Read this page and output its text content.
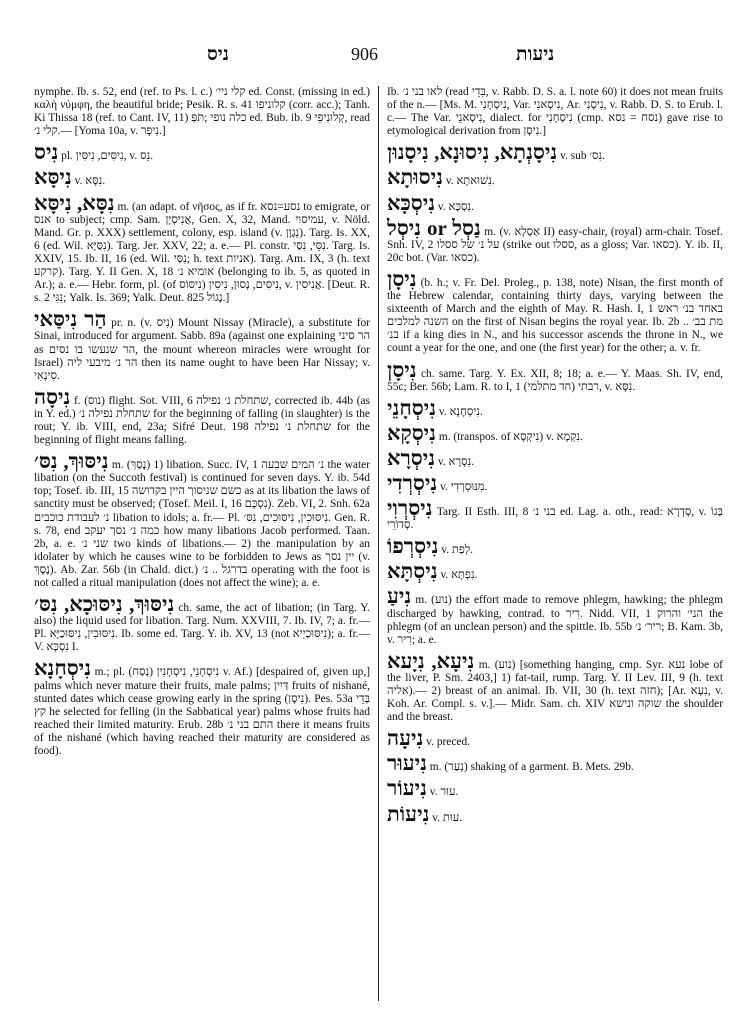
ניס	906	ניעות
nymphe. Ib. s. 52, end (ref. to Ps. l. c.) קלי ניי׳ ed. Const. (missing in ed.) καλὴ νύμφη, the beautiful bride; Pesik. R. s. 41 קלוניפו (corr. acc.); Tanh. Ki Thissa 18 (ref. to Cant. IV, 11) כלה נופי ;תֹּפְּ ed. Bub. ib. 9 קְלוּנִיפֵּי, read קלי נ׳.— [Yoma 10a, v. נִיפָר.]
נִיס pl. נִיסִּים, נִיסִּין, v. נֵס.
נִיסָּא v. נִסָּא.
נִסָּא, נִיסָּא m. (an adapt. of νῆσος, as if fr. נסע=נסא to emigrate, or אנס to subject; cmp. Sam. אֲנִיסְיָן, Gen. X, 32, Mand. עמיסוי, v. Nöld. Mand. Gr. p. XXX) settlement, colony, esp. island (v. נְגָוָן). Targ. Is. XX, 6 (ed. Wil. נִסַּיָּא). Targ. Jer. XXV, 22; a. e.— Pl. constr. נִסֵּי, נִסַּי. Targ. Is. XXIV, 15. Ib. II, 16 (ed. Wil. נִסַּי; h. text אניות). Targ. Am. IX, 3 (h. text קרקע). Targ. Y. II Gen. X, 18 אומיא נ׳ (belonging to ib. 5, as quoted in Ar.); a. e.— Hebr. form, pl. (of נִיסּוֹס) נִיסִּים, נְסוּן, נִיסִין, v. אֲנִיסִין. [Deut. R. s. 2 נִגִּי; Yalk. Is. 369; Yalk. Deut. 825 נָגוֹל.]
הַר נִיסַּאי pr. n. (v. נִיס) Mount Nissay (Miracle), a substitute for Sinai, introduced for argument. Sabb. 89a (against one explaining הר סיני as הר שנעשו בו נסים, the mount whereon miracles were wrought for Israel) הר נ׳ מיבעי ליה then its name ought to have been Har Nissay; v. סִינָאִי.
נִיסָה f. (נוס) flight. Sot. VIII, 6 שתחלת נ׳ נפילה, corrected ib. 44b (as in Y. ed.) שתחלת נפילה נ׳ for the beginning of falling (in slaughter) is the rout; Y. ib. VIII, end, 23a; Sifré Deut. 198 שתחלת נ׳ נפילה for the beginning of flight means falling.
נִיסּוּךְ, נִסּ׳ m. (נָסַךְ) 1) libation. Succ. IV, 1 נ׳ המים שבעה the water libation (on the Succoth festival) is continued for seven days. Y. ib. 54d top; Tosef. ib. III, 15 כשם שניסוך היין בקדושה as at its libation the laws of sanctity must be observed; (Tosef. Meil. I, 16 נִסְכָּם). Zeb. VI, 2. Snh. 62a נ׳ לעבודת כוכבים libation to idols; a. fr.— Pl. נִיסּוּכִין, נִיסּוּכִים, נִסּ׳. Gen. R. s. 78, end כמה נ׳ נסך יעקב how many libations Jacob performed. Taan. 2b, a. e. שני נ׳ two kinds of libations.— 2) the manipulation by an idolater by which he causes wine to be forbidden to Jews as יין נסך (v. נֶסֶךְ). Ab. Zar. 56b (in Chald. dict.) בדרגל .. נ׳ operating with the foot is not called a ritual manipulation (does not affect the wine); a. e.
נִיסּוּךְ, נִיסּוּכָא, נִסּ׳ ch. same, the act of libation; (in Targ. Y. also) the liquid used for libation. Targ. Num. XXVIII, 7. Ib. IV, 7; a. fr.— Pl. נִיסּוּכִין, נִיסּוּכַיָּא. Ib. some ed. Targ. Y. ib. XV, 13 (not נִיסּוּכַיְיא); a. fr.— V. נִסְכָּא I.
נִיסְחָנָא m.; pl. נִיסְחָנֵי, נִיסְחָנִין (נְסַח) v. Af.) [despaired of, given up,] palms which never mature their fruits, male palms; דַּיִין fruits of nishané, stunted dates which cease growing early in the spring (נִיסָן). Pes. 53a בְּדֵי קץ he selected for felling (in the Sabbatical year) palms whose fruits had reached their limited maturity. Erub. 28b התם בני נ׳ there it means fruits of the nishané (which having reached their maturity are considered as food).
Ib. לאו בני נ׳ (read בִּדֵי, v. Rabb. D. S. a. l. note 60) it does not mean fruits of the n.— [Ms. M. נִיסְחָנִי, Var. נִיסְאנִי, Ar. נִיסָנִי, v. Rabb. D. S. to Erub. l. c.— The Var. נִיסְאנֵי, dialect. for נִיסְחָנִי (cmp. נסח = נסא) gave rise to etymological derivation from נִיסָן.]
נִיסָנְתָא, נִיסוּנָא, נִיסָנוּן v. sub נִס׳.
נִיסוּתָא v. נִשׁוּאתָא.
נִיסְכָּא v. נִסְכָּא.
נִיסְל or נַסְל m. (v. אַסְלָא II) easy-chair, (royal) arm-chair. Tosef. Snh. IV, 2 על נ׳ של ססלו (strike out ססלו, as a gloss; Var. כסאו). Y. ib. II, 20c bot. (Var. כסאו).
נִיסָן (b. h.; v. Fr. Del. Proleg., p. 138, note) Nisan, the first month of the Hebrew calendar, containing thirty days, varying between the sixteenth of March and the eighth of May. R. Hash. I, 1 באחד בנ׳ ראש השנה למלכים on the first of Nisan begins the royal year. Ib. 2b מת בב׳ .. בנ׳ if a king dies in N., and his successor ascends the throne in N., we count a year for the one, and one (the first year) for the other; a. v. fr.
נִיסָן ch. same. Targ. Y. Ex. XII, 8; 18; a. e.— Y. Maas. Sh. IV, end, 55c; Ber. 56b; Lam. R. to I, 1 רבתי (חד מתלמי), v. נִסָּא.
נִיסְחָנֵי v. נִיסְחָנָא.
נִיסְקָא m. (transpos. of נִיקְסָא) v. נִקְמָא.
נִיסְרָא v. נִסְרָא.
נִיסְרְדִי v. מִנּוּסְרְדִי.
נִיסְרְוִי Targ. II Esth. III, 8 בני נ׳ ed. Lag. a. oth., read: סְדְרָא, v. בְּגוֹ סְדוֹרֵי.
נִיסְרְפוֹ v. לְפַת.
נִיסְתָּא v. נִפְתָּא.
נִיעַ m. (נוע) the effort made to remove phlegm, hawking; the phlegm discharged by hawking, contrad. to רִיר. Nidd. VII, 1 הני׳ והרוק the phlegm (of an unclean person) and the spittle. Ib. 55b ריר׳ נ׳; B. Kam. 3b, v. רִיר; a. e.
נִיעָא, נִיָעא m. (נוע) [something hanging, cmp. Syr. נעא lobe of the liver, P. Sm. 2403,] 1) fat-tail, rump. Targ. Y. II Lev. III, 9 (h. text אליה).— 2) breast of an animal. Ib. VII, 30 (h. text חזה); [Ar. נִעָא, v. Koh. Ar. Compl. s. v.].— Midr. Sam. ch. XIV שוקה ונישא the shoulder and the breast.
נִיעָה v. preced.
נִיעוּר m. (נְעַר) shaking of a garment. B. Mets. 29b.
נִיעוֹר v. עוּר.
נִיעוֹת v. עוּת.
